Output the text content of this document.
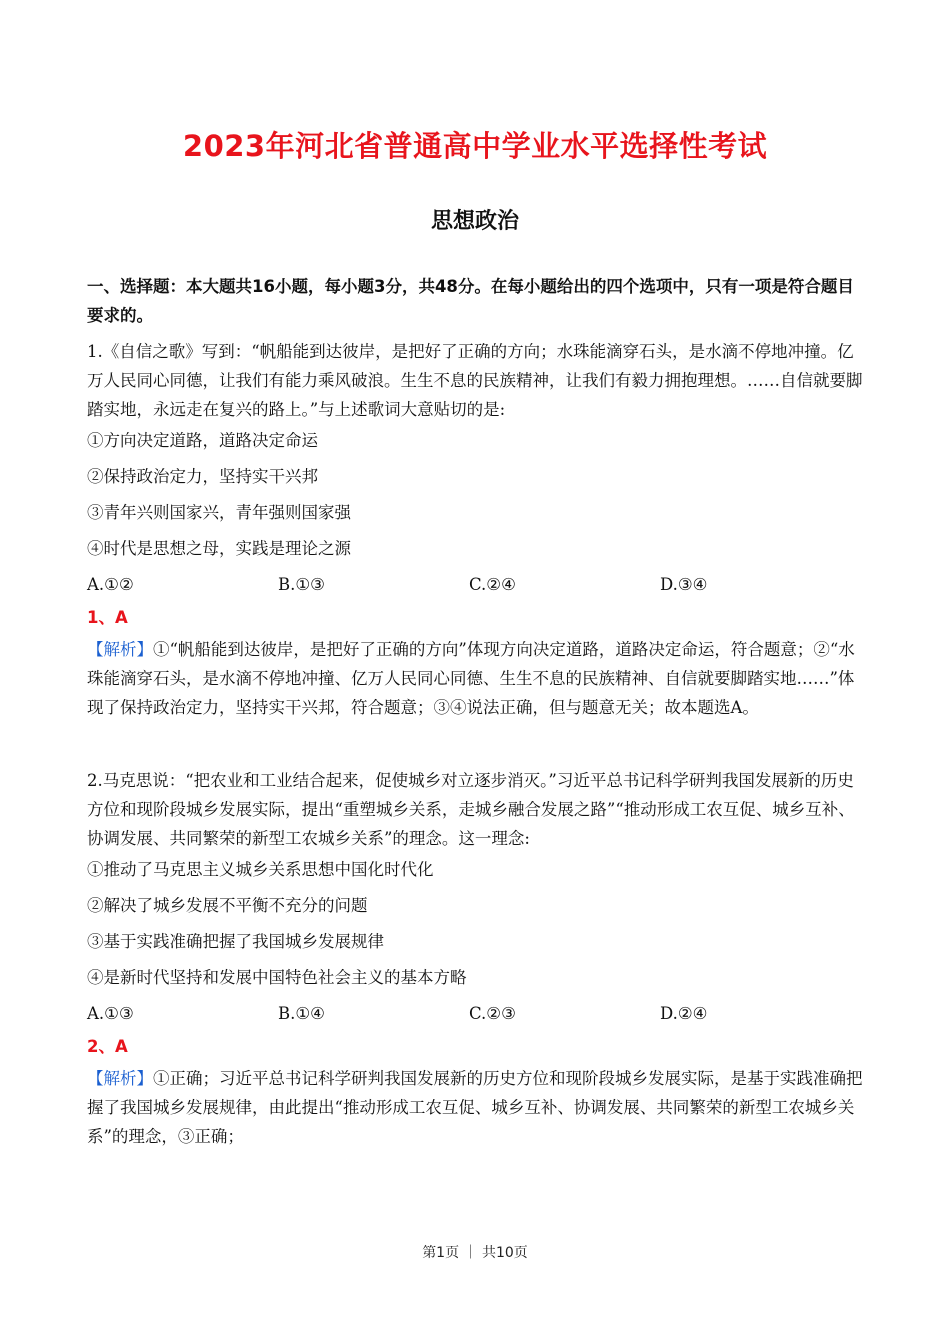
2023年河北省普通高中学业水平选择性考试
思想政治

一、选择题：本大题共16小题，每小题3分，共48分。在每小题给出的四个选项中，只有一项是符合题目要求的。

1.《自信之歌》写到：“帆船能到达彼岸，是把好了正确的方向；水珠能滴穿石头，是水滴不停地冲撞。亿万人民同心同德，让我们有能力乘风破浪。生生不息的民族精神，让我们有毅力拥抱理想。……自信就要脚踏实地，永远走在复兴的路上。”与上述歌词大意贴切的是:

①方向决定道路，道路决定命运

②保持政治定力，坚持实干兴邦

③青年兴则国家兴，青年强则国家强

④时代是思想之母，实践是理论之源

A.①②	B.①③	C.②④	D.③④

1、A

【解析】①“帆船能到达彼岸，是把好了正确的方向”体现方向决定道路，道路决定命运，符合题意；②“水珠能滴穿石头，是水滴不停地冲撞、亿万人民同心同德、生生不息的民族精神、自信就要脚踏实地……”体现了保持政治定力，坚持实干兴邦，符合题意；③④说法正确，但与题意无关；故本题选A。

2.马克思说：“把农业和工业结合起来，促使城乡对立逐步消灭。”习近平总书记科学研判我国发展新的历史方位和现阶段城乡发展实际，提出“重塑城乡关系，走城乡融合发展之路”“推动形成工农互促、城乡互补、协调发展、共同繁荣的新型工农城乡关系”的理念。这一理念:

①推动了马克思主义城乡关系思想中国化时代化

②解决了城乡发展不平衡不充分的问题

③基于实践准确把握了我国城乡发展规律

④是新时代坚持和发展中国特色社会主义的基本方略

A.①③	B.①④	C.②③	D.②④

2、A

【解析】①正确；习近平总书记科学研判我国发展新的历史方位和现阶段城乡发展实际，是基于实践准确把握了我国城乡发展规律，由此提出“推动形成工农互促、城乡互补、协调发展、共同繁荣的新型工农城乡关系”的理念，③正确；

第1页 ｜ 共10页
